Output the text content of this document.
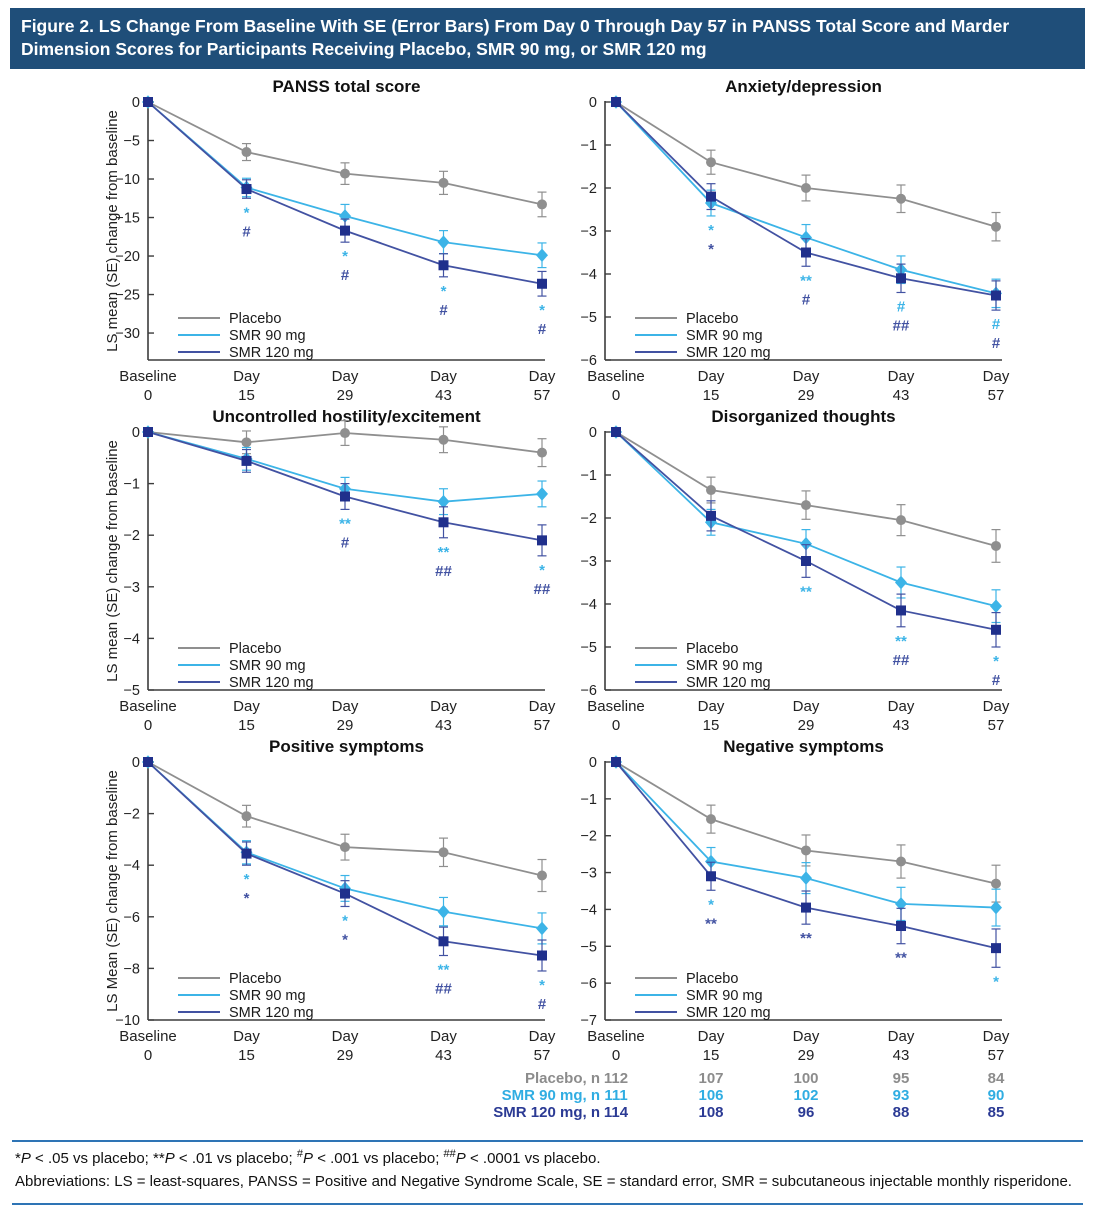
Figure 2. LS Change From Baseline With SE (Error Bars) From Day 0 Through Day 57 in PANSS Total Score and Marder Dimension Scores for Participants Receiving Placebo, SMR 90 mg, or SMR 120 mg
PANSS total score
LS mean (SE) change from baseline
0
−5
−10
−15
−20
−25
−30
Baseline
0
Day
15
Day
29
Day
43
Day
57
*
#
*
#
*
#	*
#
Placebo
SMR 90 mg
SMR 120 mg
Anxiety/depression
0
−1
−2
−3
−4
−5
−6
Baseline
0
Day
15
Day
29
Day
43
Day
57
*
*
**
#	#
##	#
#
Placebo
SMR 90 mg
SMR 120 mg
Uncontrolled hostility/excitement
LS mean (SE) change from baseline
0
−1
−2
−3
−4
−5
Baseline
0
Day
15
Day
29
Day
43
Day
57
**
#
**
##	*
##
Placebo
SMR 90 mg
SMR 120 mg
Disorganized thoughts
0
−1
−2
−3
−4
−5
−6
Baseline
0
Day
15
Day
29
Day
43
Day
57
**
**
##	*
#
Placebo
SMR 90 mg
SMR 120 mg
Positive symptoms
LS Mean (SE) change from baseline
0
−2
−4
−6
−8
−10
Baseline
0
Day
15
Day
29
Day
43
Day
57
*
*
*
*
**
##	*
#
Placebo
SMR 90 mg
SMR 120 mg
Negative symptoms
0
−1
−2
−3
−4
−5
−6
−7
Baseline
0
Day
15
Day
29
Day
43
Day
57
*
**
**
**
*
Placebo
SMR 90 mg
SMR 120 mg
Placebo, n 112	107	100	95	84
SMR 90 mg, n 111	106	102	93	90
SMR 120 mg, n 114	108	96	88	85
*P < .05 vs placebo; **P < .01 vs placebo; #P < .001 vs placebo; ##P < .0001 vs placebo.
Abbreviations: LS = least-squares, PANSS = Positive and Negative Syndrome Scale, SE = standard error, SMR = subcutaneous injectable monthly risperidone.
